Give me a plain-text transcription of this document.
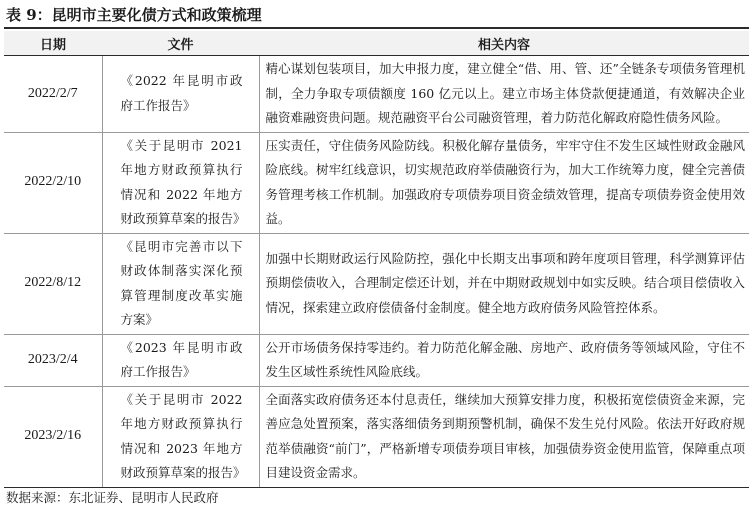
表 9：昆明市主要化债方式和政策梳理
日期	文件	相关内容
2022/2/7	《2022 年昆明市政府工作报告》	精心谋划包装项目，加大申报力度，建立健全“借、用、管、还”全链条专项债务管理机制，全力争取专项债额度 160 亿元以上。建立市场主体贷款便捷通道，有效解决企业融资难融资贵问题。规范融资平台公司融资管理，着力防范化解政府隐性债务风险。
2022/2/10	《关于昆明市 2021 年地方财政预算执行情况和 2022 年地方财政预算草案的报告》	压实责任，守住债务风险防线。积极化解存量债务，牢牢守住不发生区域性财政金融风险底线。树牢红线意识，切实规范政府举债融资行为，加大工作统筹力度，健全完善债务管理考核工作机制。加强政府专项债券项目资金绩效管理，提高专项债券资金使用效益。
2022/8/12	《昆明市完善市以下财政体制落实深化预算管理制度改革实施方案》	加强中长期财政运行风险防控，强化中长期支出事项和跨年度项目管理，科学测算评估预期偿债收入，合理制定偿还计划，并在中期财政规划中如实反映。结合项目偿债收入情况，探索建立政府偿债备付金制度。健全地方政府债务风险管控体系。
2023/2/4	《2023 年昆明市政府工作报告》	公开市场债务保持零违约。着力防范化解金融、房地产、政府债务等领域风险，守住不发生区域性系统性风险底线。
2023/2/16	《关于昆明市 2022 年地方财政预算执行情况和 2023 年地方财政预算草案的报告》	全面落实政府债务还本付息责任，继续加大预算安排力度，积极拓宽偿债资金来源，完善应急处置预案，落实落细债务到期预警机制，确保不发生兑付风险。依法开好政府规范举债融资“前门”，严格新增专项债券项目审核，加强债券资金使用监管，保障重点项目建设资金需求。
数据来源：东北证券、昆明市人民政府
